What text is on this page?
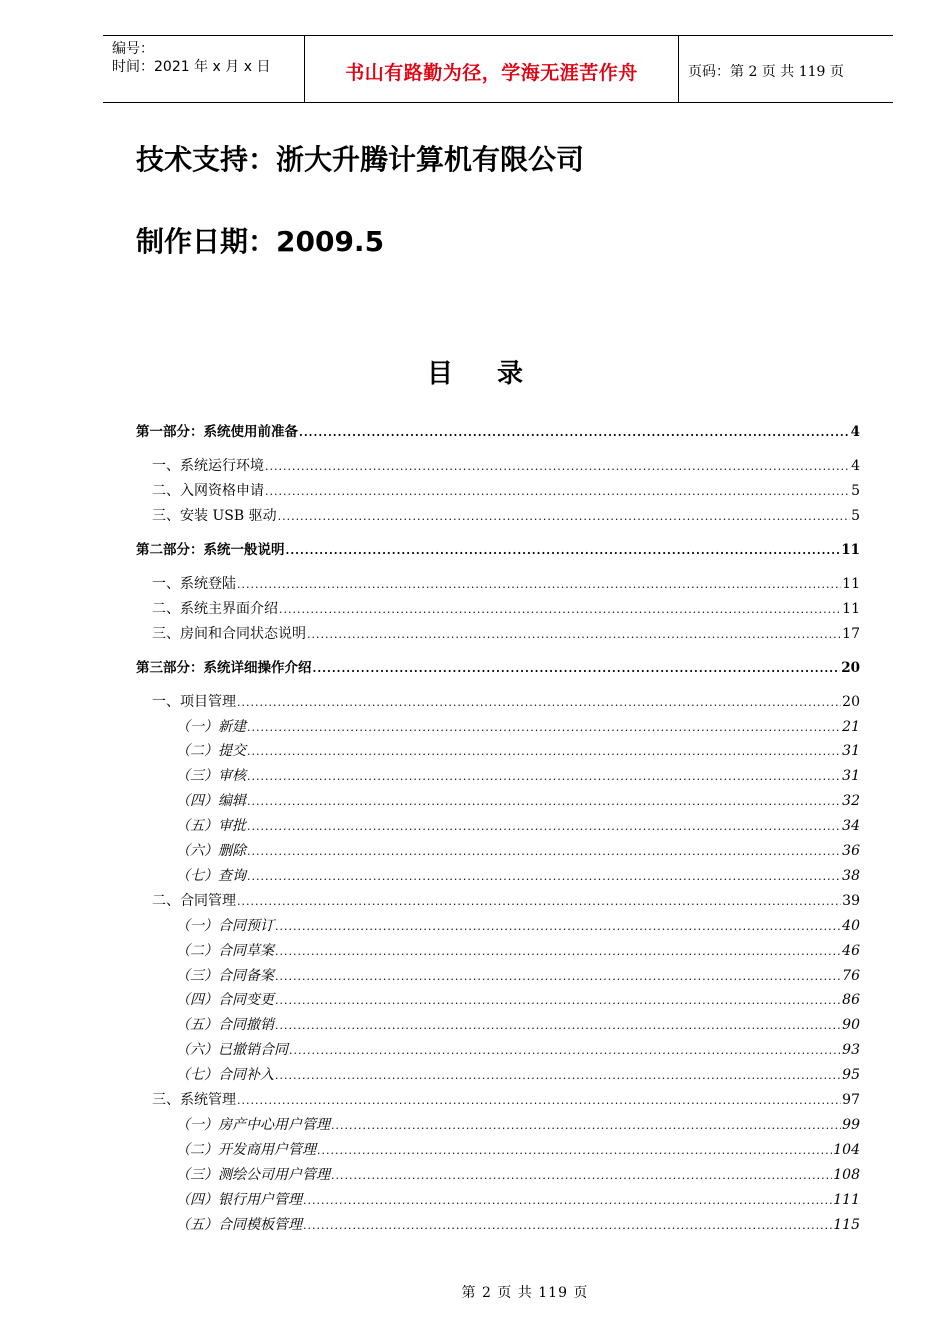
编号：
时间：2021 年 x 月 x 日	书山有路勤为径，学海无涯苦作舟	页码：第 2 页 共 119 页
技术支持：浙大升腾计算机有限公司
制作日期：2009.5
目录
第一部分：系统使用前准备 .....	4
一、系统运行环境 .....	4
二、入网资格申请 .....	5
三、安装 USB 驱动 .....	5
第二部分：系统一般说明 .....	11
一、系统登陆 .....	11
二、系统主界面介绍 .....	11
三、房间和合同状态说明 .....	17
第三部分：系统详细操作介绍 .....	20
一、项目管理 .....	20
（一）新建 .....	21
（二）提交 .....	31
（三）审核 .....	31
（四）编辑 .....	32
（五）审批 .....	34
（六）删除 .....	36
（七）查询 .....	38
二、合同管理 .....	39
（一）合同预订 .....	40
（二）合同草案 .....	46
（三）合同备案 .....	76
（四）合同变更 .....	86
（五）合同撤销 .....	90
（六）已撤销合同 .....	93
（七）合同补入 .....	95
三、系统管理 .....	97
（一）房产中心用户管理 .....	99
（二）开发商用户管理 .....	104
（三）测绘公司用户管理 .....	108
（四）银行用户管理 .....	111
（五）合同模板管理 .....	115
第 2 页 共 119 页
